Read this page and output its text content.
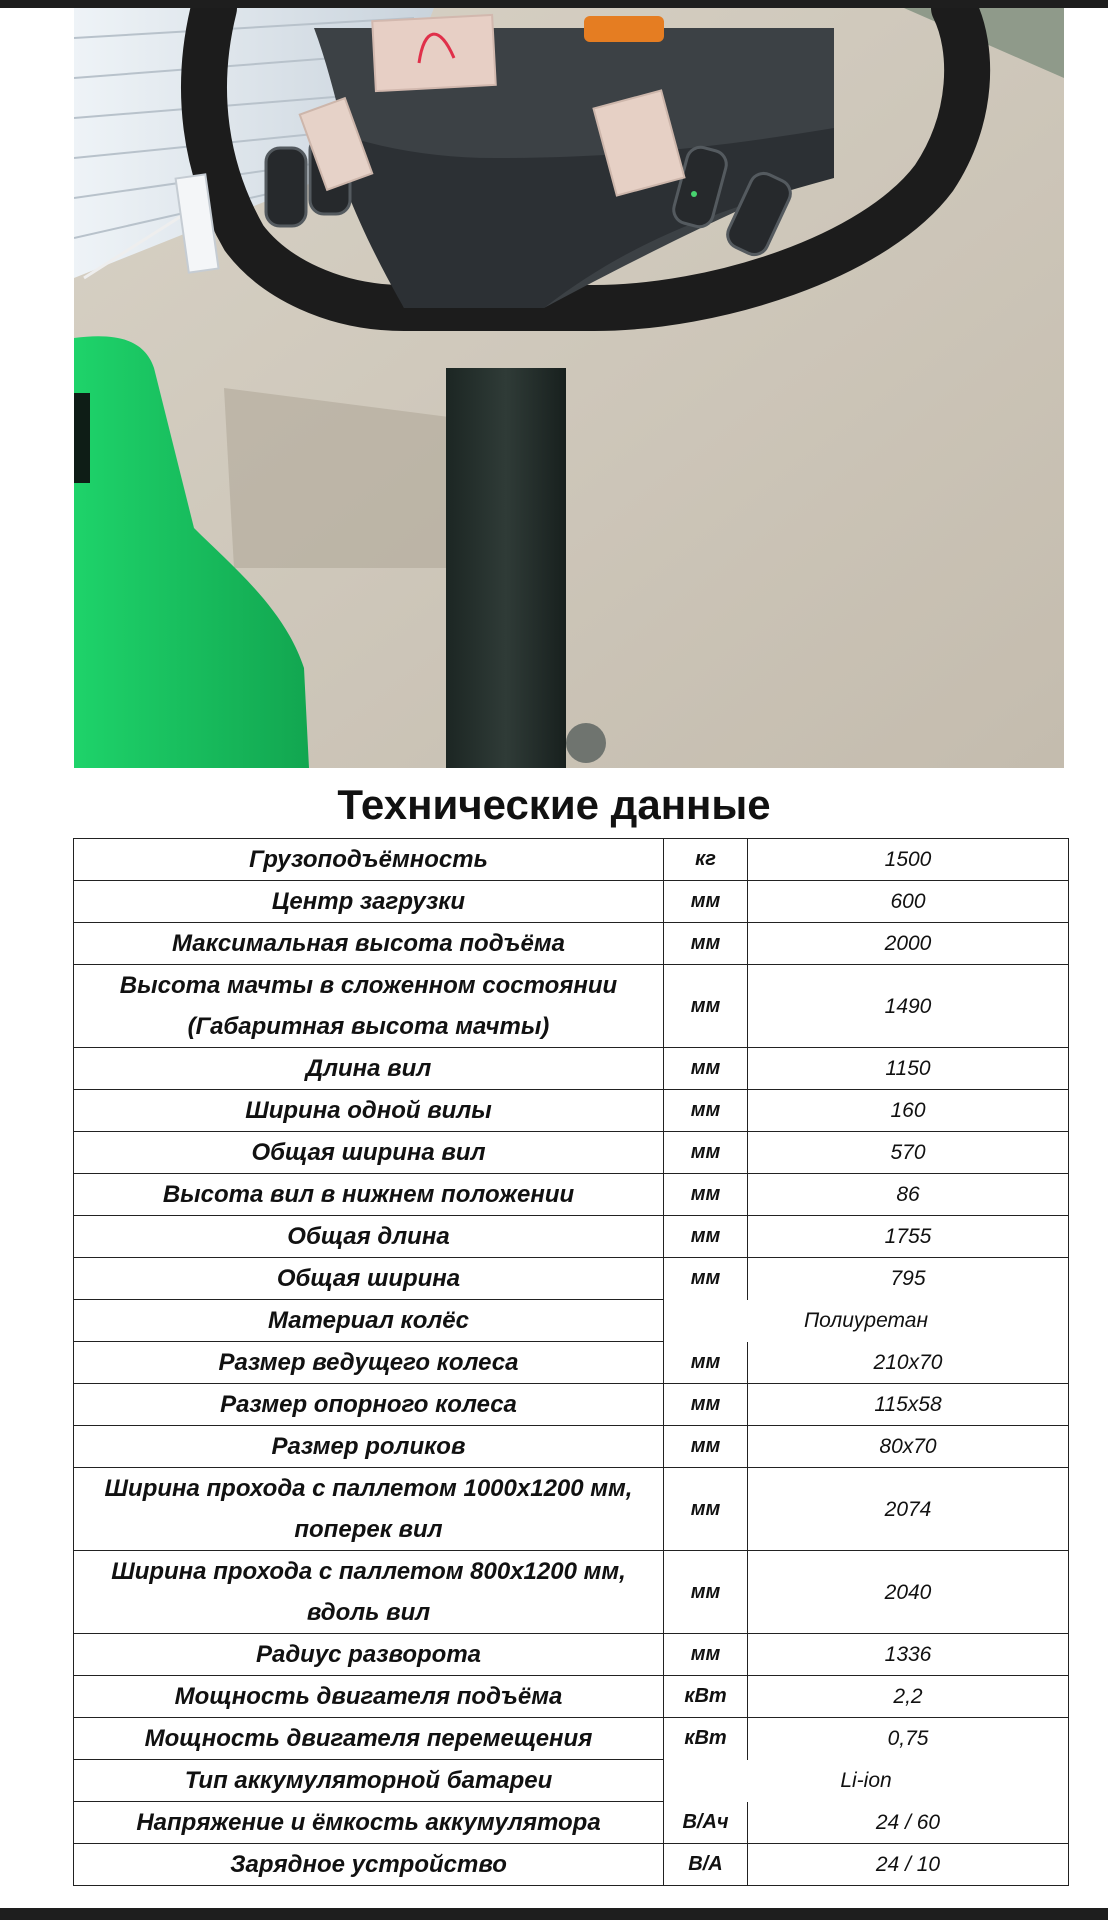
Технические данные
Грузоподъёмность	кг	1500

Центр загрузки	мм	600

Максимальная высота подъёма	мм	2000

Высота мачты в сложенном состоянии
(Габаритная высота мачты)	мм	1490

Длина вил	мм	1150

Ширина одной вилы	мм	160

Общая ширина вил	мм	570

Высота вил в нижнем положении	мм	86

Общая длина	мм	1755

Общая ширина	мм	795

Материал колёс	Полиуретан	

Размер ведущего колеса	мм	210x70

Размер опорного колеса	мм	115x58

Размер роликов	мм	80x70

Ширина прохода с паллетом 1000x1200 мм,
поперек вил	мм	2074

Ширина прохода с паллетом 800x1200 мм,
вдоль вил	мм	2040

Радиус разворота	мм	1336

Мощность двигателя подъёма	кВт	2,2

Мощность двигателя перемещения	кВт	0,75

Тип аккумуляторной батареи	Li-ion	

Напряжение и ёмкость аккумулятора	В/Ач	24 / 60

Зарядное устройство	В/А	24 / 10
